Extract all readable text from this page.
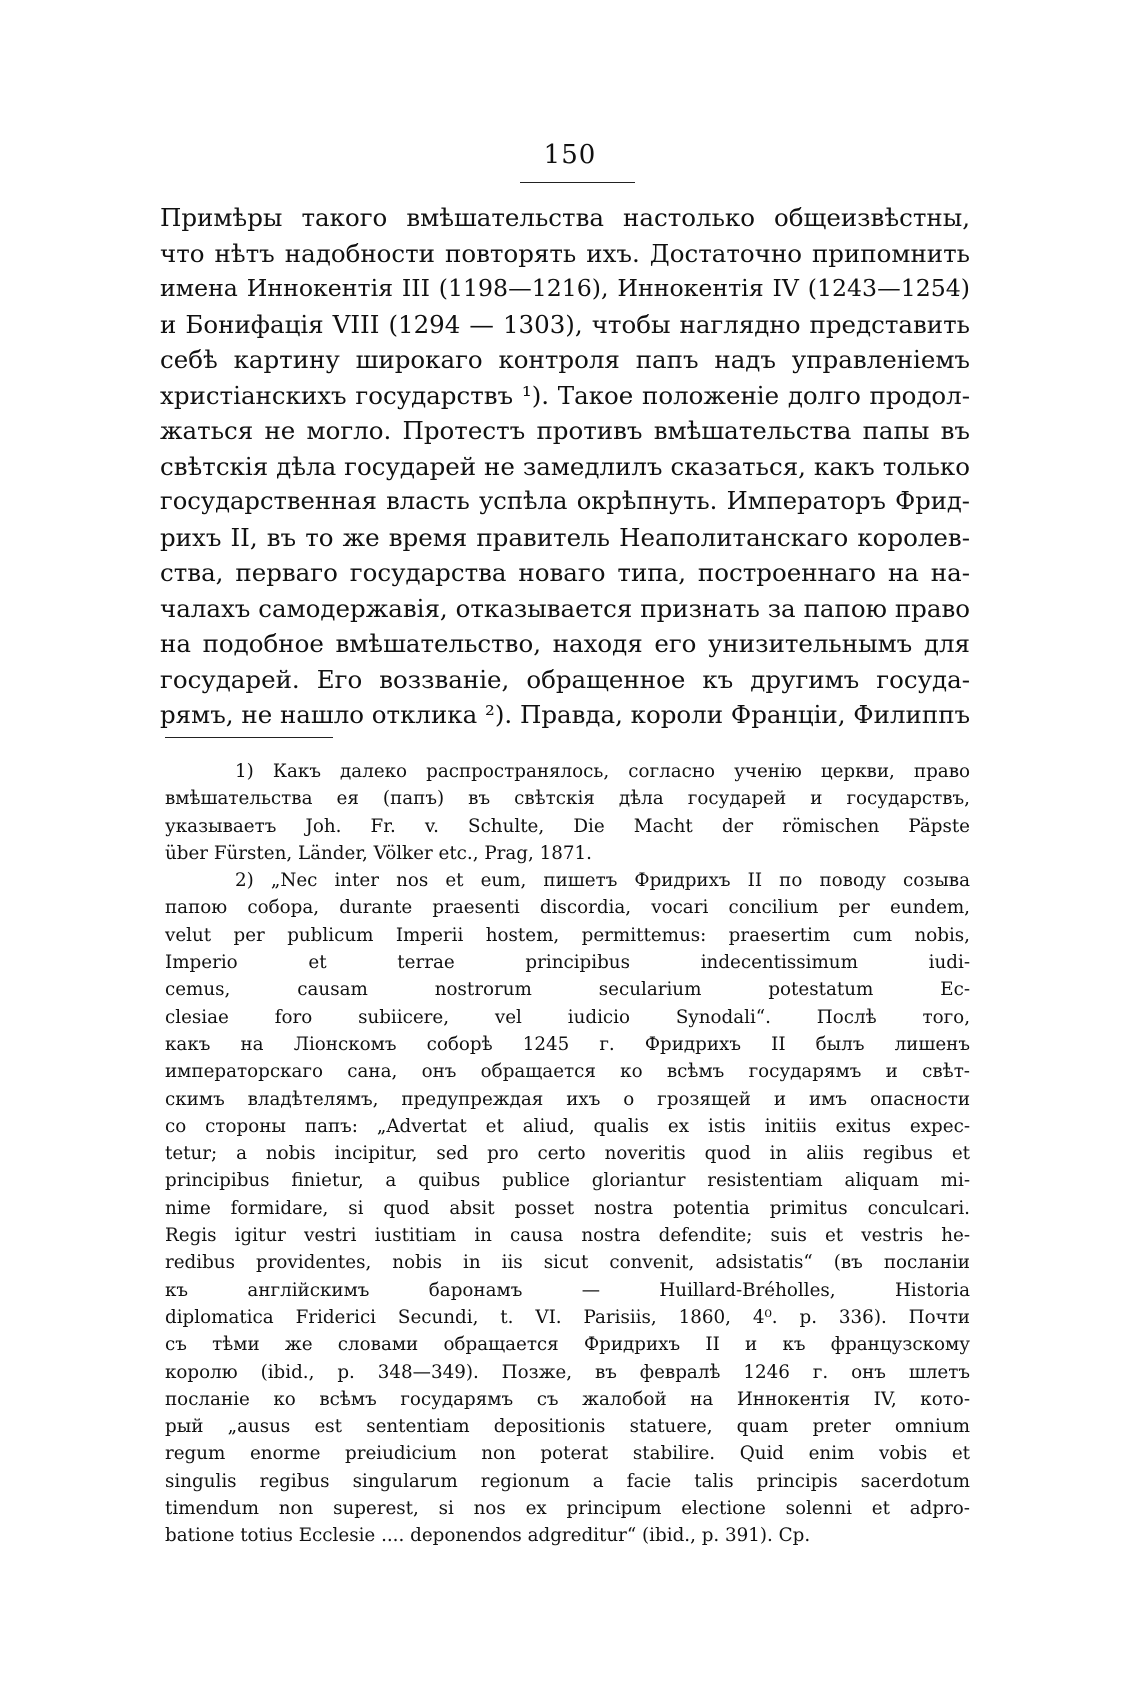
150
Примѣры такого вмѣшательства настолько общеизвѣстны,
что нѣтъ надобности повторять ихъ. Достаточно припомнить
имена Иннокентія III (1198—1216), Иннокентія IV (1243—1254)
и Бонифація VIII (1294 — 1303), чтобы наглядно представить
себѣ картину широкаго контроля папъ надъ управленіемъ
христіанскихъ государствъ ¹). Такое положеніе долго продол-
жаться не могло. Протестъ противъ вмѣшательства папы въ
свѣтскія дѣла государей не замедлилъ сказаться, какъ только
государственная власть успѣла окрѣпнуть. Императоръ Фрид-
рихъ II, въ то же время правитель Неаполитанскаго королев-
ства, перваго государства новаго типа, построеннаго на на-
чалахъ самодержавія, отказывается признать за папою право
на подобное вмѣшательство, находя его унизительнымъ для
государей. Его воззваніе, обращенное къ другимъ госуда-
рямъ, не нашло отклика ²). Правда, короли Франціи, Филиппъ
1) Какъ далеко распространялось, согласно ученію церкви, право
вмѣшательства ея (папъ) въ свѣтскія дѣла государей и государствъ,
указываетъ Joh. Fr. v. Schulte, Die Macht der römischen Päpste
über Fürsten, Länder, Völker etc., Prag, 1871.
2) „Nec inter nos et eum, пишетъ Фридрихъ II по поводу созыва
папою собора, durante praesenti discordia, vocari concilium per eundem,
velut per publicum Imperii hostem, permittemus: praesertim cum nobis,
Imperio et terrae principibus indecentissimum iudi-
cemus, causam nostrorum secularium potestatum Ec-
clesiae foro subiicere, vel iudicio Synodali“. Послѣ того,
какъ на Ліонскомъ соборѣ 1245 г. Фридрихъ II былъ лишенъ
императорскаго сана, онъ обращается ко всѣмъ государямъ и свѣт-
скимъ владѣтелямъ, предупреждая ихъ о грозящей и имъ опасности
со стороны папъ: „Advertat et aliud, qualis ex istis initiis exitus expec-
tetur; a nobis incipitur, sed pro certo noveritis quod in aliis regibus et
principibus finietur, a quibus publice gloriantur resistentiam aliquam mi-
nime formidare, si quod absit posset nostra potentia primitus conculcari.
Regis igitur vestri iustitiam in causa nostra defendite; suis et vestris he-
redibus providentes, nobis in iis sicut convenit, adsistatis“ (въ посланіи
къ англійскимъ баронамъ — Huillard-Bréholles, Historia
diplomatica Friderici Secundi, t. VI. Parisiis, 1860, 4⁰. p. 336). Почти
съ тѣми же словами обращается Фридрихъ II и къ французскому
королю (ibid., p. 348—349). Позже, въ февралѣ 1246 г. онъ шлетъ
посланіе ко всѣмъ государямъ съ жалобой на Иннокентія IV, кото-
рый „ausus est sententiam depositionis statuere, quam preter omnium
regum enorme preiudicium non poterat stabilire. Quid enim vobis et
singulis regibus singularum regionum a facie talis principis sacerdotum
timendum non superest, si nos ex principum electione solenni et adpro-
batione totius Ecclesie .... deponendos adgreditur“ (ibid., p. 391). Ср.
